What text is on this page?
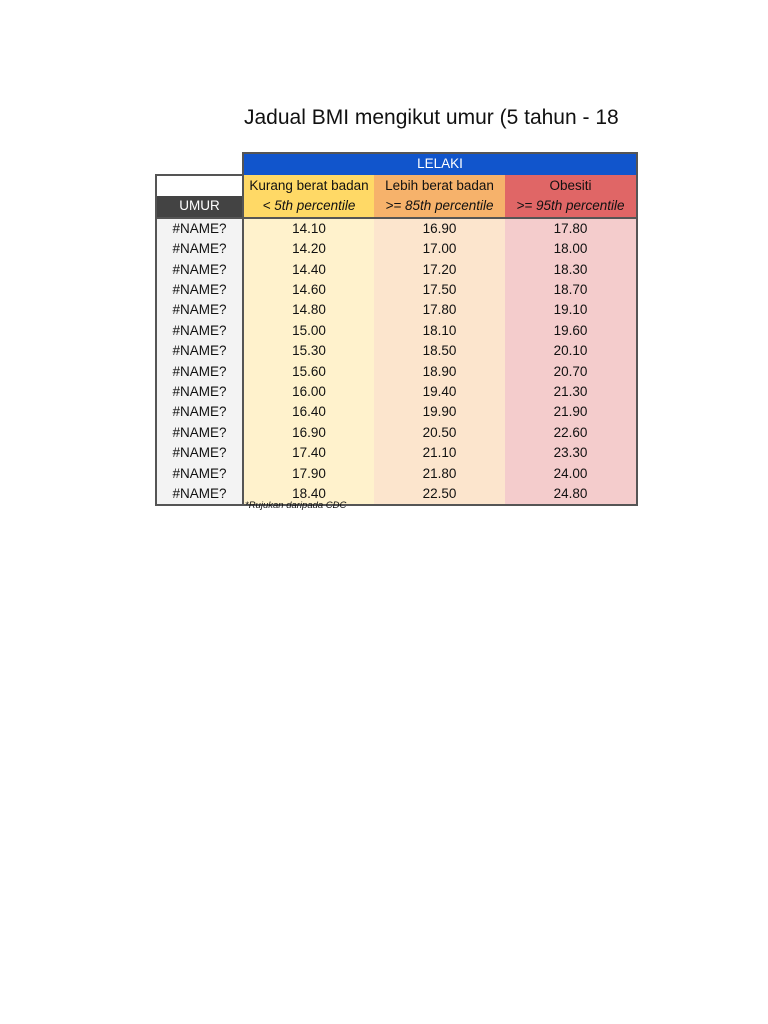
Jadual BMI mengikut umur (5 tahun - 18
	LELAKI		
	Kurang berat badan	Lebih berat badan	Obesiti
UMUR	< 5th percentile	>= 85th percentile	>= 95th percentile
#NAME?	14.10	16.90	17.80
#NAME?	14.20	17.00	18.00
#NAME?	14.40	17.20	18.30
#NAME?	14.60	17.50	18.70
#NAME?	14.80	17.80	19.10
#NAME?	15.00	18.10	19.60
#NAME?	15.30	18.50	20.10
#NAME?	15.60	18.90	20.70
#NAME?	16.00	19.40	21.30
#NAME?	16.40	19.90	21.90
#NAME?	16.90	20.50	22.60
#NAME?	17.40	21.10	23.30
#NAME?	17.90	21.80	24.00
#NAME?	18.40	22.50	24.80
*Rujukan daripada CDC
